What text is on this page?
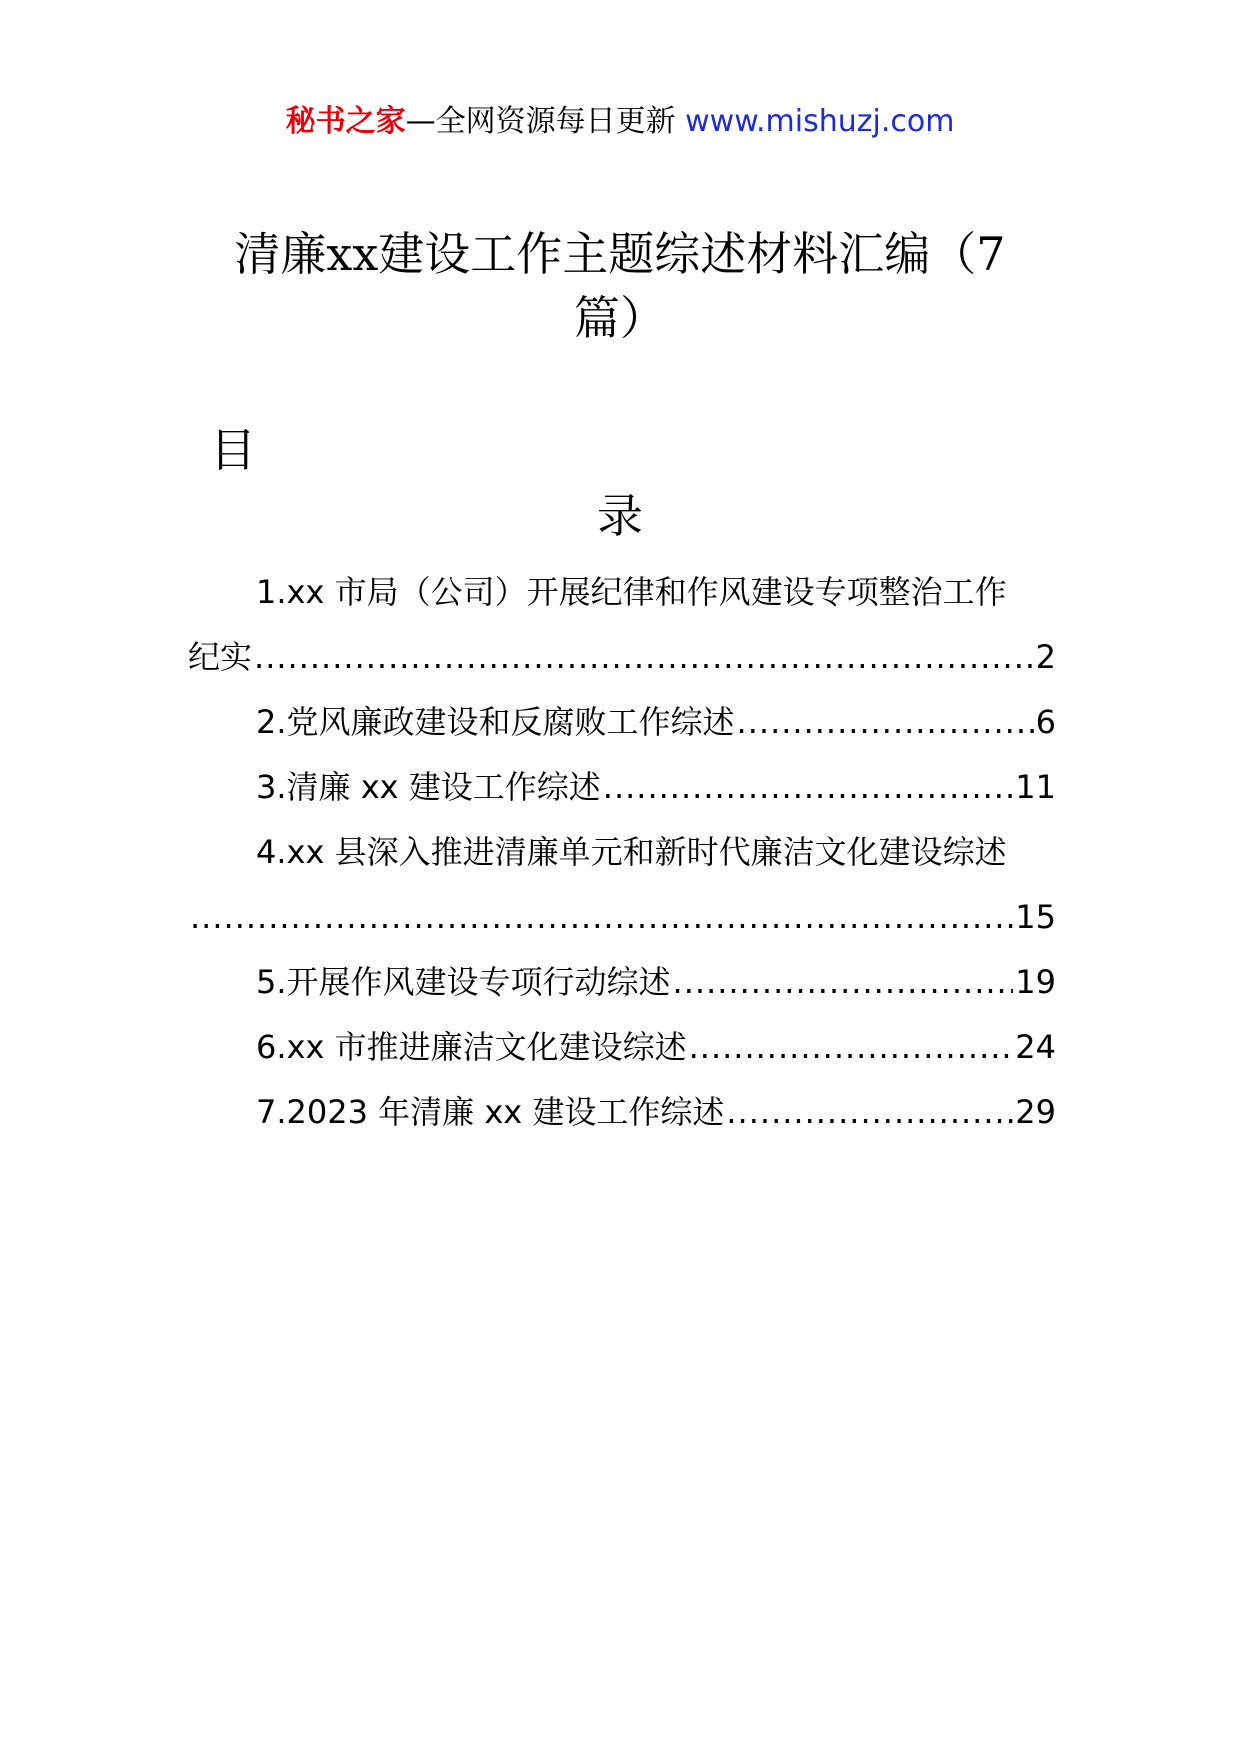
秘书之家—全网资源每日更新 www.mishuzj.com
清廉xx建设工作主题综述材料汇编（7
篇）
目
录
1.xx 市局（公司）开展纪律和作风建设专项整治工作
纪实 .....	2
2.党风廉政建设和反腐败工作综述 .....	6
3.清廉 xx 建设工作综述 .....	11
4.xx 县深入推进清廉单元和新时代廉洁文化建设综述
.....
15
5.开展作风建设专项行动综述 .....	19
6.xx 市推进廉洁文化建设综述 .....	24
7.2023 年清廉 xx 建设工作综述 .....	29
